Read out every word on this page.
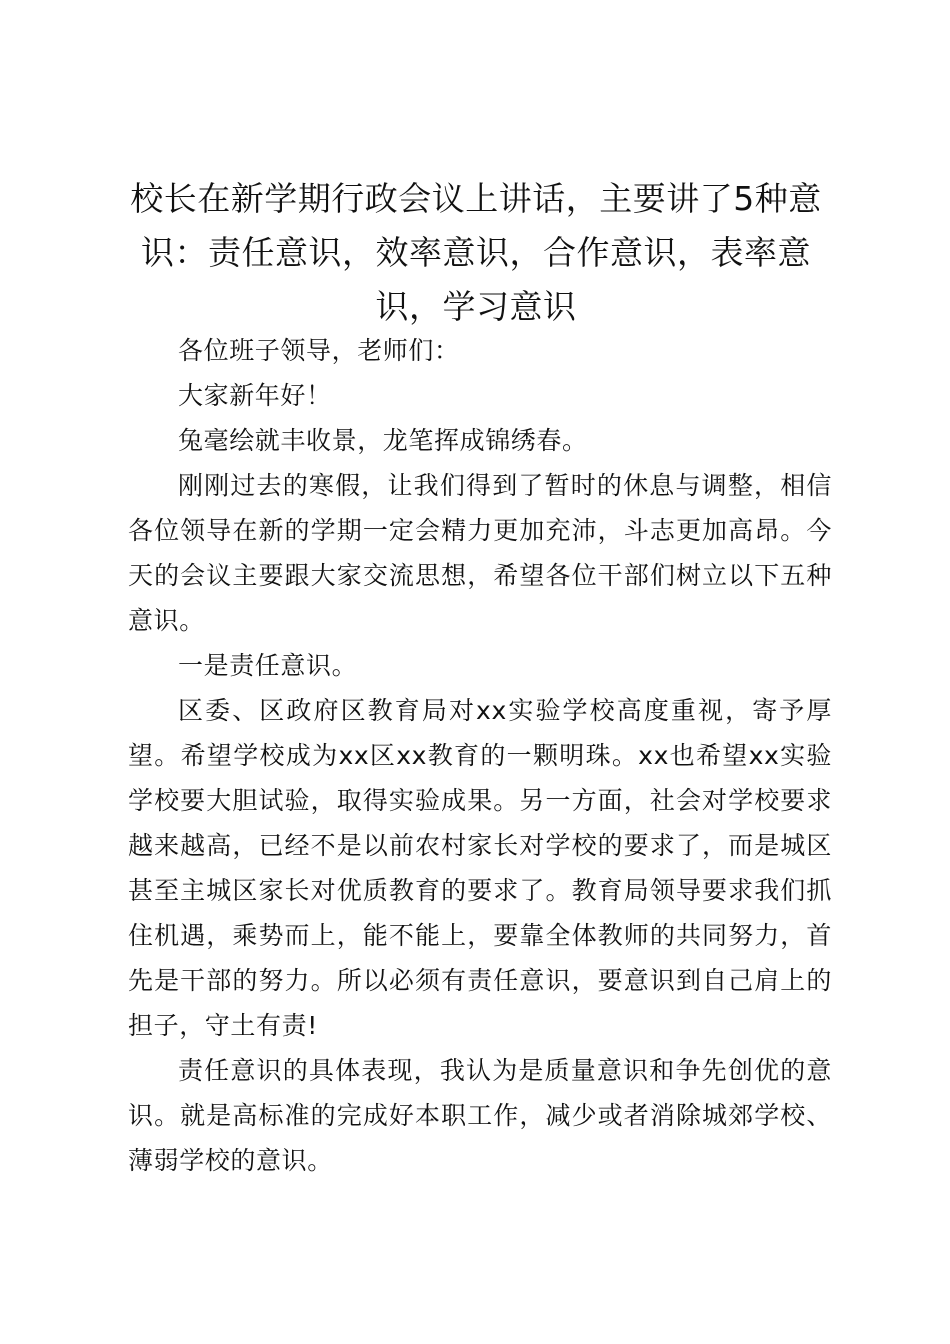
校长在新学期行政会议上讲话，主要讲了5种意识：责任意识，效率意识，合作意识，表率意识，学习意识

各位班子领导，老师们：

大家新年好！

兔毫绘就丰收景，龙笔挥成锦绣春。

刚刚过去的寒假，让我们得到了暂时的休息与调整，相信各位领导在新的学期一定会精力更加充沛，斗志更加高昂。今天的会议主要跟大家交流思想，希望各位干部们树立以下五种意识。

一是责任意识。

区委、区政府区教育局对xx实验学校高度重视，寄予厚望。希望学校成为xx区xx教育的一颗明珠。xx也希望xx实验学校要大胆试验，取得实验成果。另一方面，社会对学校要求越来越高，已经不是以前农村家长对学校的要求了，而是城区甚至主城区家长对优质教育的要求了。教育局领导要求我们抓住机遇，乘势而上，能不能上，要靠全体教师的共同努力，首先是干部的努力。所以必须有责任意识，要意识到自己肩上的担子，守土有责!

责任意识的具体表现，我认为是质量意识和争先创优的意识。就是高标准的完成好本职工作，减少或者消除城郊学校、薄弱学校的意识。
